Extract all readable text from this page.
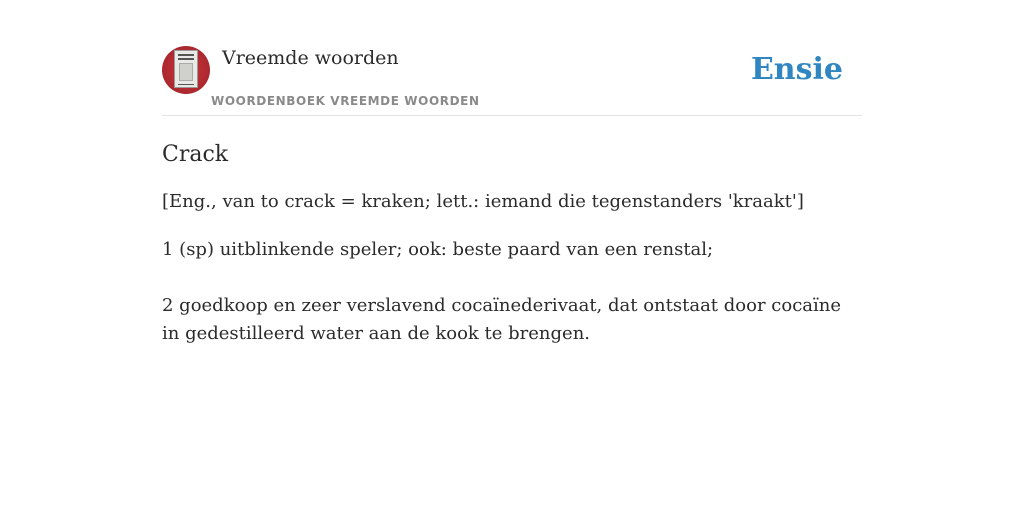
Vreemde woorden
WOORDENBOEK VREEMDE WOORDEN
Ensie
Crack

[Eng., van to crack = kraken; lett.: iemand die tegenstanders 'kraakt']

1 (sp) uitblinkende speler; ook: beste paard van een renstal;
2 goedkoop en zeer verslavend cocaïnederivaat, dat ontstaat door cocaïne in gedestilleerd water aan de kook te brengen.
